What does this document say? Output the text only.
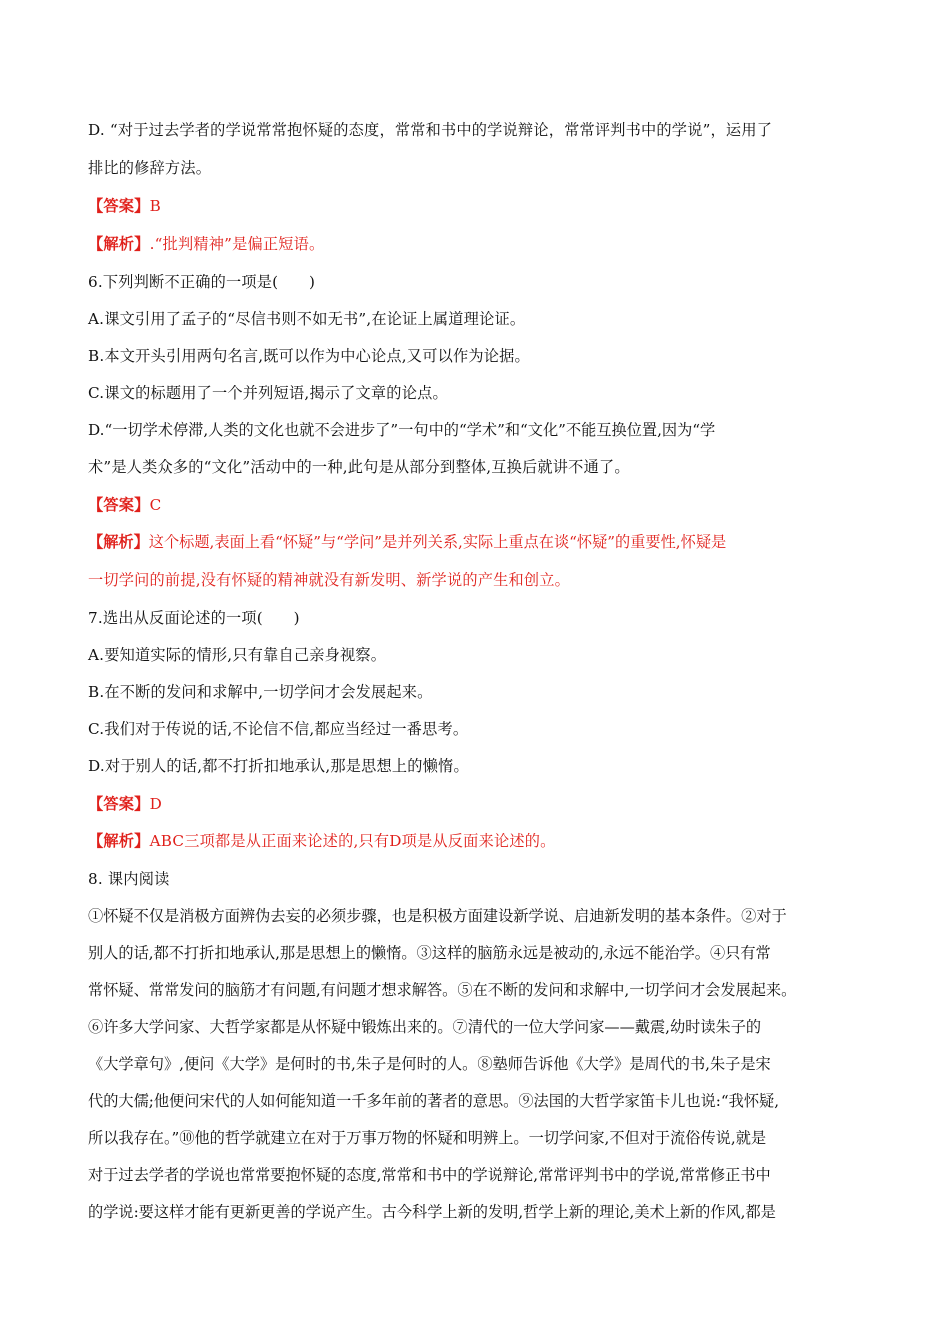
D. “对于过去学者的学说常常抱怀疑的态度，常常和书中的学说辩论，常常评判书中的学说”，运用了
排比的修辞方法。
【答案】B
【解析】.“批判精神”是偏正短语。
6.下列判断不正确的一项是(　　)
A.课文引用了孟子的“尽信书则不如无书”,在论证上属道理论证。
B.本文开头引用两句名言,既可以作为中心论点,又可以作为论据。
C.课文的标题用了一个并列短语,揭示了文章的论点。
D.“一切学术停滞,人类的文化也就不会进步了”一句中的“学术”和“文化”不能互换位置,因为“学
术”是人类众多的“文化”活动中的一种,此句是从部分到整体,互换后就讲不通了。
【答案】C
【解析】这个标题,表面上看“怀疑”与“学问”是并列关系,实际上重点在谈“怀疑”的重要性,怀疑是
一切学问的前提,没有怀疑的精神就没有新发明、新学说的产生和创立。
7.选出从反面论述的一项(　　)
A.要知道实际的情形,只有靠自己亲身视察。
B.在不断的发问和求解中,一切学问才会发展起来。
C.我们对于传说的话,不论信不信,都应当经过一番思考。
D.对于别人的话,都不打折扣地承认,那是思想上的懒惰。
【答案】D
【解析】ABC三项都是从正面来论述的,只有D项是从反面来论述的。
8. 课内阅读
①怀疑不仅是消极方面辨伪去妄的必须步骤，也是积极方面建设新学说、启迪新发明的基本条件。②对于
别人的话,都不打折扣地承认,那是思想上的懒惰。③这样的脑筋永远是被动的,永远不能治学。④只有常
常怀疑、常常发问的脑筋才有问题,有问题才想求解答。⑤在不断的发问和求解中,一切学问才会发展起来。
⑥许多大学问家、大哲学家都是从怀疑中锻炼出来的。⑦清代的一位大学问家——戴震,幼时读朱子的
《大学章句》,便问《大学》是何时的书,朱子是何时的人。⑧塾师告诉他《大学》是周代的书,朱子是宋
代的大儒;他便问宋代的人如何能知道一千多年前的著者的意思。⑨法国的大哲学家笛卡儿也说:“我怀疑,
所以我存在。”⑩他的哲学就建立在对于万事万物的怀疑和明辨上。一切学问家,不但对于流俗传说,就是
对于过去学者的学说也常常要抱怀疑的态度,常常和书中的学说辩论,常常评判书中的学说,常常修正书中
的学说:要这样才能有更新更善的学说产生。古今科学上新的发明,哲学上新的理论,美术上新的作风,都是
